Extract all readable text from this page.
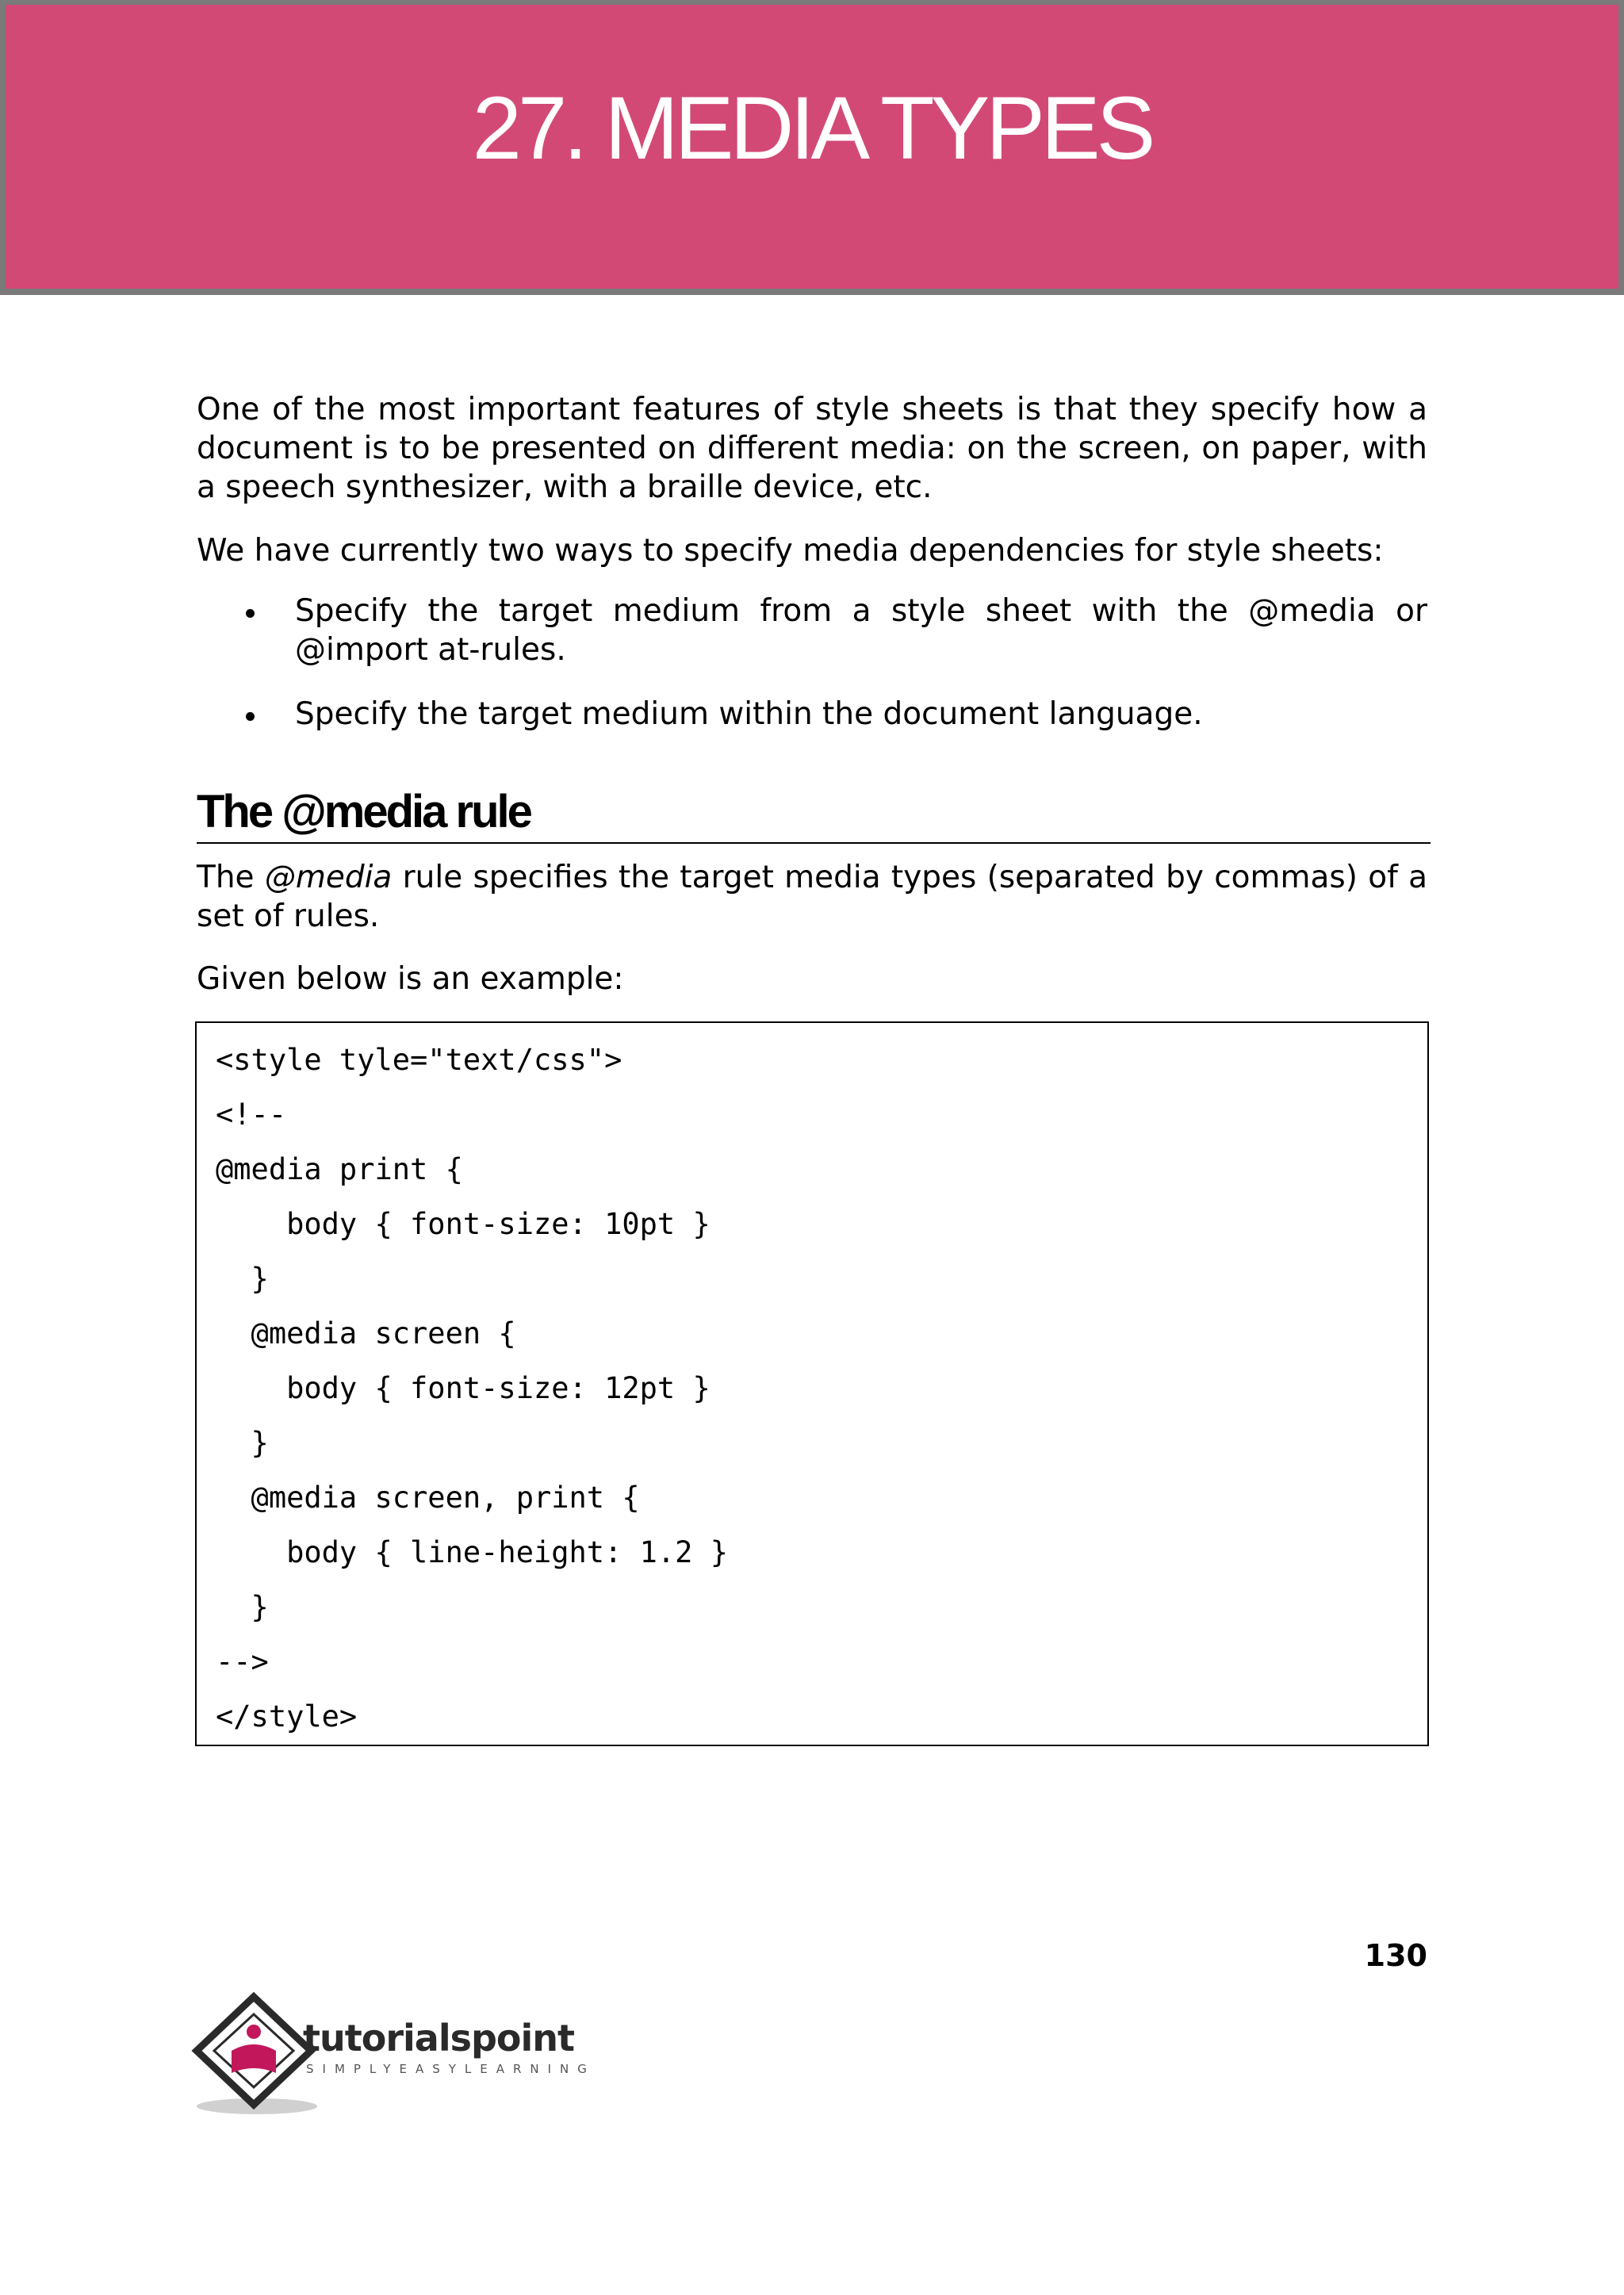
27. MEDIA TYPES

One of the most important features of style sheets is that they specify how a document is to be presented on different media: on the screen, on paper, with a speech synthesizer, with a braille device, etc.

We have currently two ways to specify media dependencies for style sheets:

Specify the target medium from a style sheet with the @media or @import at-rules.
Specify the target medium within the document language.
The @media rule

The @media rule specifies the target media types (separated by commas) of a set of rules.

Given below is an example:

<style tyle="text/css">
<!--
@media print {
body { font-size: 10pt }
}
@media screen {
body { font-size: 12pt }
}
@media screen, print {
body { line-height: 1.2 }
}
-->
</style>
130
tutorialspoint
SIMPLYEASYLEARNING
